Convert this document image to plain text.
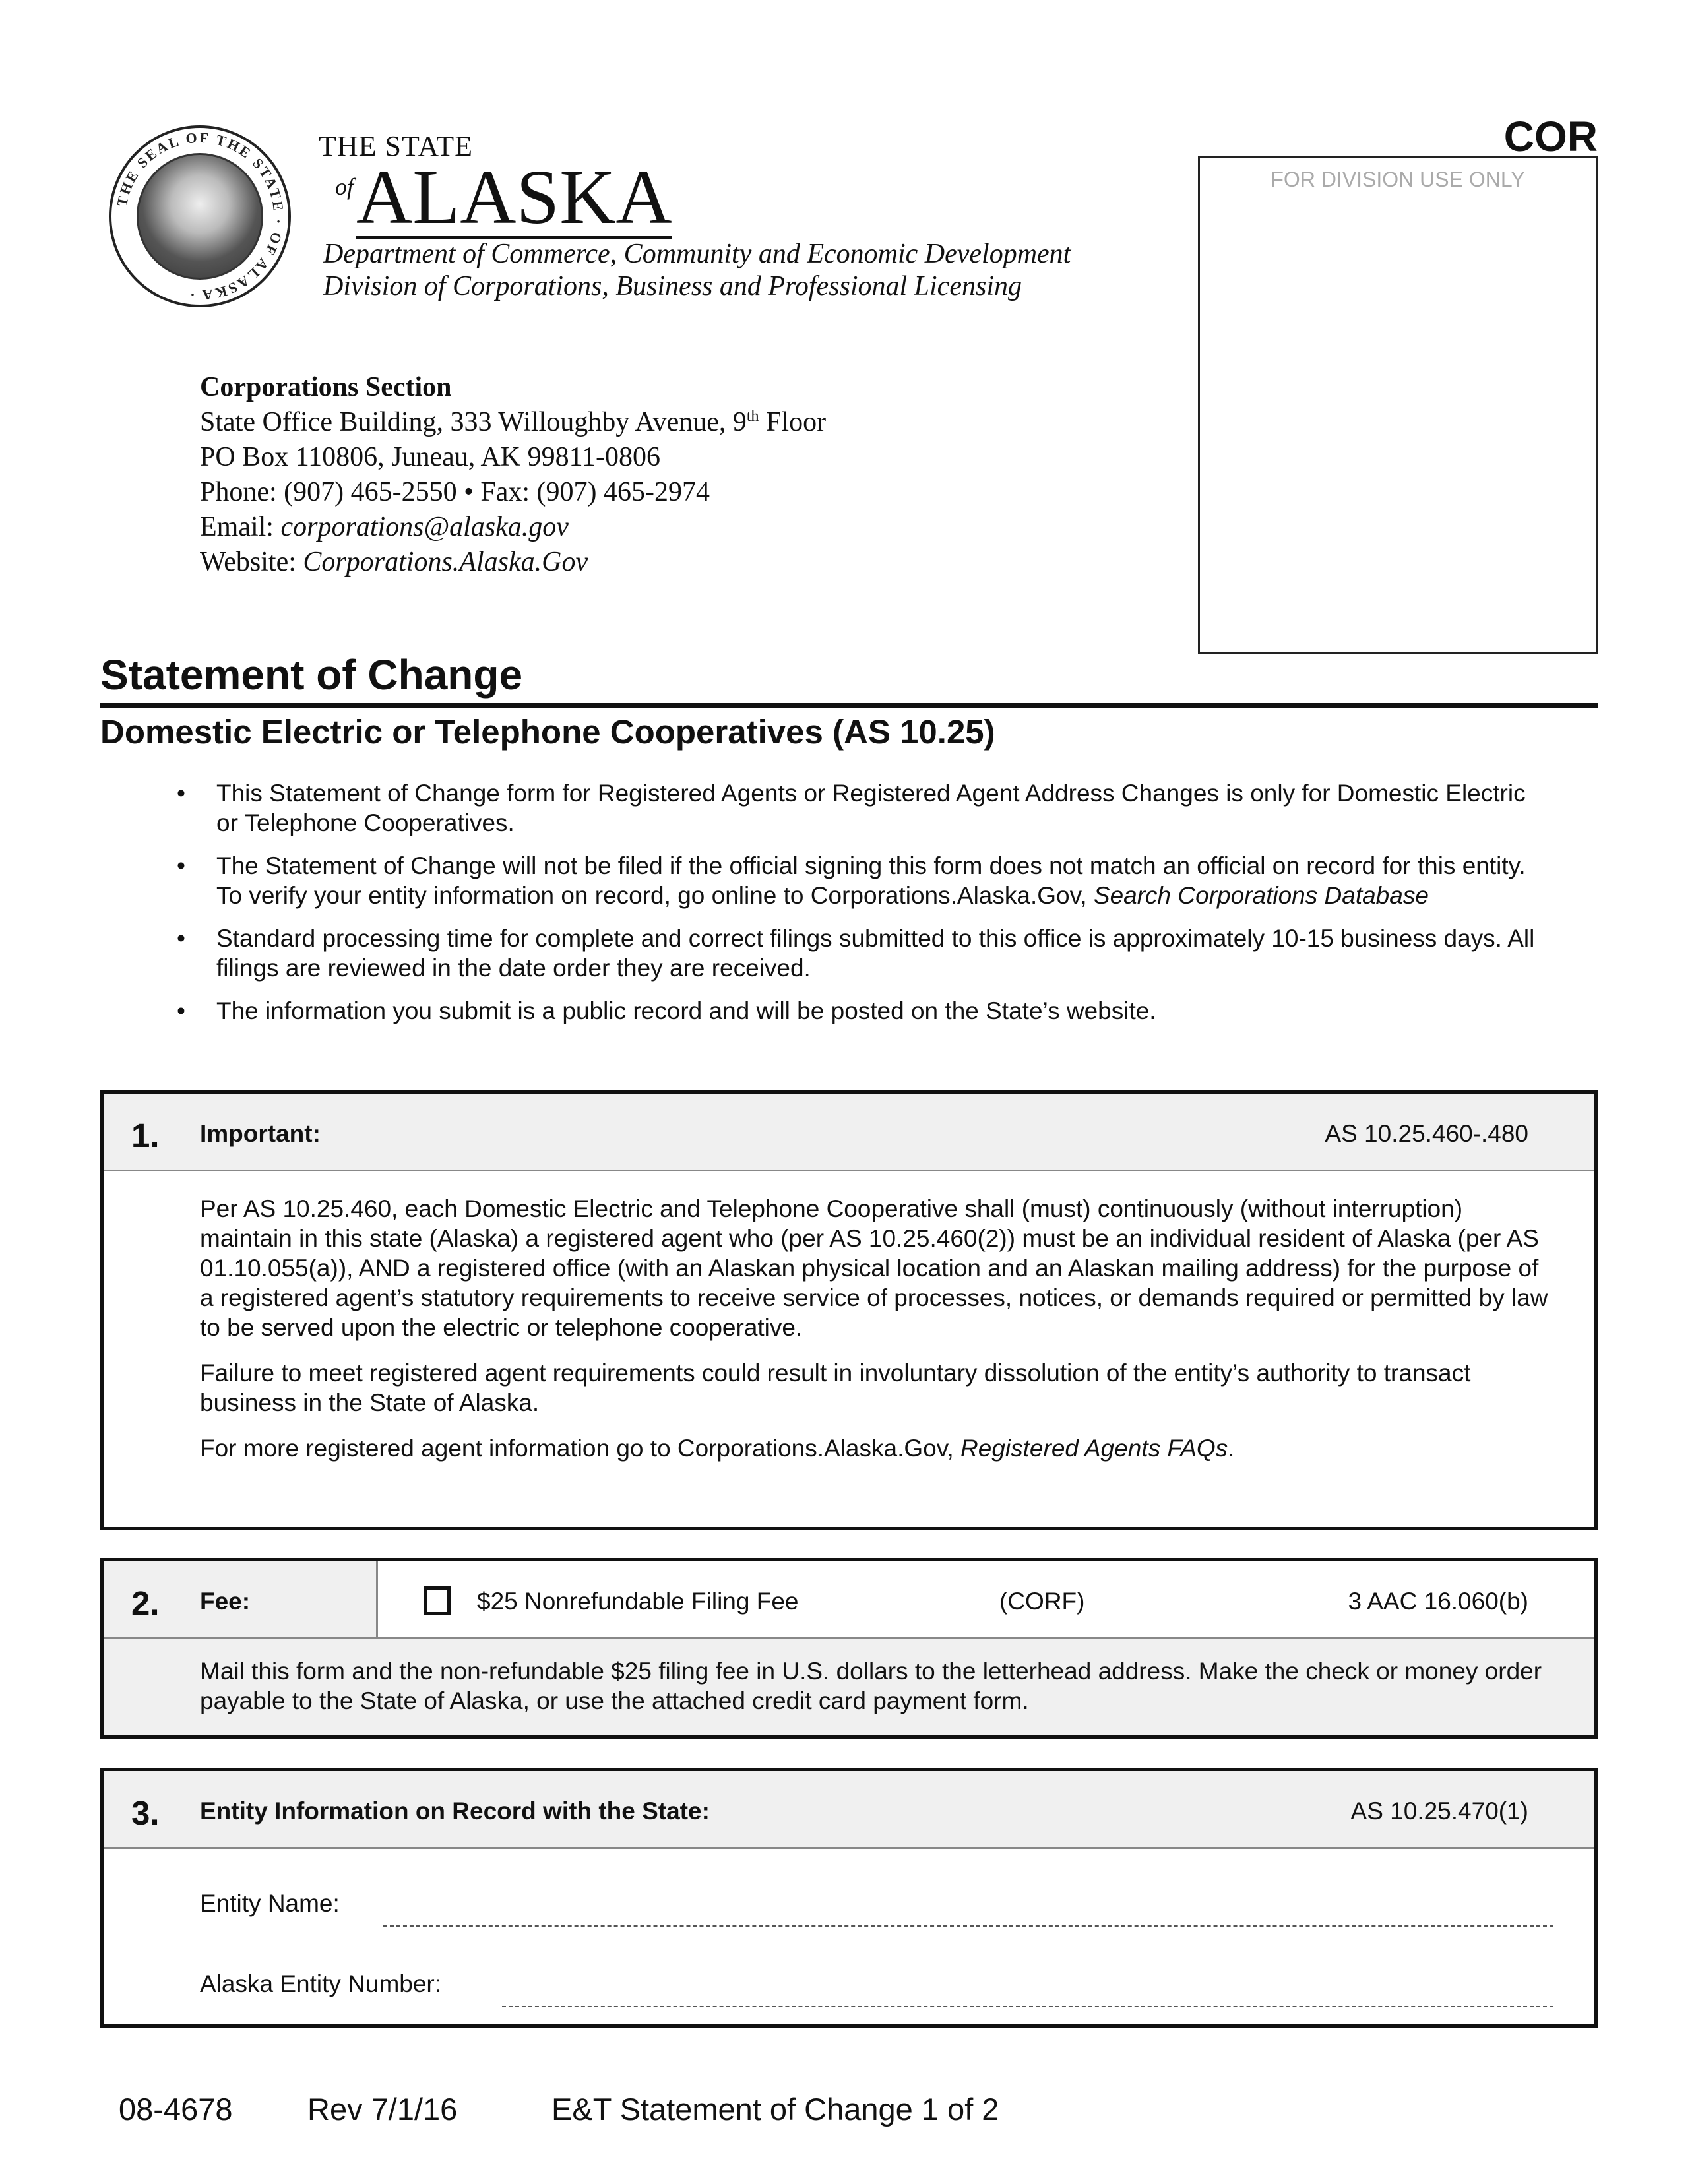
THE SEAL OF THE STATE · OF ALASKA ·
THE STATE
of ALASKA
Department of Commerce, Community and Economic Development
Division of Corporations, Business and Professional Licensing
COR
FOR DIVISION USE ONLY
Corporations Section
State Office Building, 333 Willoughby Avenue, 9th Floor
PO Box 110806, Juneau, AK 99811-0806
Phone: (907) 465-2550 • Fax: (907) 465-2974
Email: corporations@alaska.gov
Website: Corporations.Alaska.Gov
Statement of Change
Domestic Electric or Telephone Cooperatives (AS 10.25)
• This Statement of Change form for Registered Agents or Registered Agent Address Changes is only for Domestic Electric or Telephone Cooperatives.
• The Statement of Change will not be filed if the official signing this form does not match an official on record for this entity. To verify your entity information on record, go online to Corporations.Alaska.Gov, Search Corporations Database
• Standard processing time for complete and correct filings submitted to this office is approximately 10-15 business days. All filings are reviewed in the date order they are received.
• The information you submit is a public record and will be posted on the State’s website.
1. Important:	AS 10.25.460-.480

Per AS 10.25.460, each Domestic Electric and Telephone Cooperative shall (must) continuously (without interruption) maintain in this state (Alaska) a registered agent who (per AS 10.25.460(2)) must be an individual resident of Alaska (per AS 01.10.055(a)), AND a registered office (with an Alaskan physical location and an Alaskan mailing address) for the purpose of a registered agent’s statutory requirements to receive service of processes, notices, or demands required or permitted by law to be served upon the electric or telephone cooperative.

Failure to meet registered agent requirements could result in involuntary dissolution of the entity’s authority to transact business in the State of Alaska.

For more registered agent information go to Corporations.Alaska.Gov, Registered Agents FAQs.

2. Fee:	$25 Nonrefundable Filing Fee	(CORF)	3 AAC 16.060(b)

Mail this form and the non-refundable $25 filing fee in U.S. dollars to the letterhead address. Make the check or money order payable to the State of Alaska, or use the attached credit card payment form.

3. Entity Information on Record with the State:	AS 10.25.470(1)
Entity Name:
Alaska Entity Number:
08-4678 Rev 7/1/16	E&T Statement of Change 1 of 2
